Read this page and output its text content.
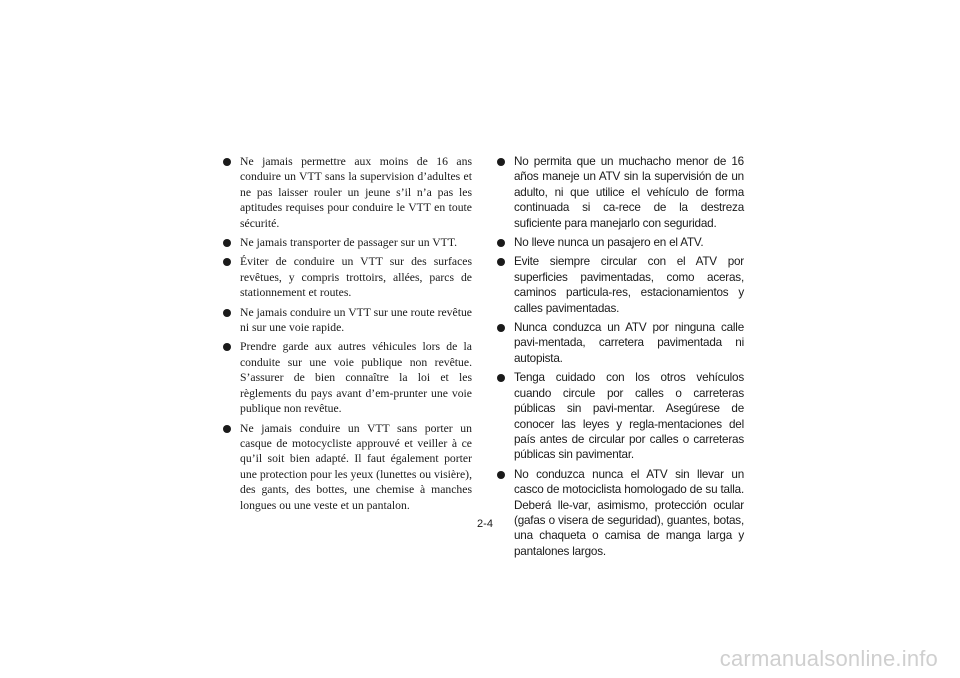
Ne jamais permettre aux moins de 16 ans conduire un VTT sans la supervision d’adultes et ne pas laisser rouler un jeune s’il n’a pas les aptitudes requises pour conduire le VTT en toute sécurité.
Ne jamais transporter de passager sur un VTT.
Éviter de conduire un VTT sur des surfaces revêtues, y compris trottoirs, allées, parcs de stationnement et routes.
Ne jamais conduire un VTT sur une route revêtue ni sur une voie rapide.
Prendre garde aux autres véhicules lors de la conduite sur une voie publique non revêtue. S’assurer de bien connaître la loi et les règlements du pays avant d’em-prunter une voie publique non revêtue.
Ne jamais conduire un VTT sans porter un casque de motocycliste approuvé et veiller à ce qu’il soit bien adapté. Il faut également porter une protection pour les yeux (lunettes ou visière), des gants, des bottes, une chemise à manches longues ou une veste et un pantalon.
No permita que un muchacho menor de 16 años maneje un ATV sin la supervisión de un adulto, ni que utilice el vehículo de forma continuada si ca-rece de la destreza suficiente para manejarlo con seguridad.
No lleve nunca un pasajero en el ATV.
Evite siempre circular con el ATV por superficies pavimentadas, como aceras, caminos particula-res, estacionamientos y calles pavimentadas.
Nunca conduzca un ATV por ninguna calle pavi-mentada, carretera pavimentada ni autopista.
Tenga cuidado con los otros vehículos cuando circule por calles o carreteras públicas sin pavi-mentar. Asegúrese de conocer las leyes y regla-mentaciones del país antes de circular por calles o carreteras públicas sin pavimentar.
No conduzca nunca el ATV sin llevar un casco de motociclista homologado de su talla. Deberá lle-var, asimismo, protección ocular (gafas o visera de seguridad), guantes, botas, una chaqueta o camisa de manga larga y pantalones largos.
2-4
carmanualsonline.info
